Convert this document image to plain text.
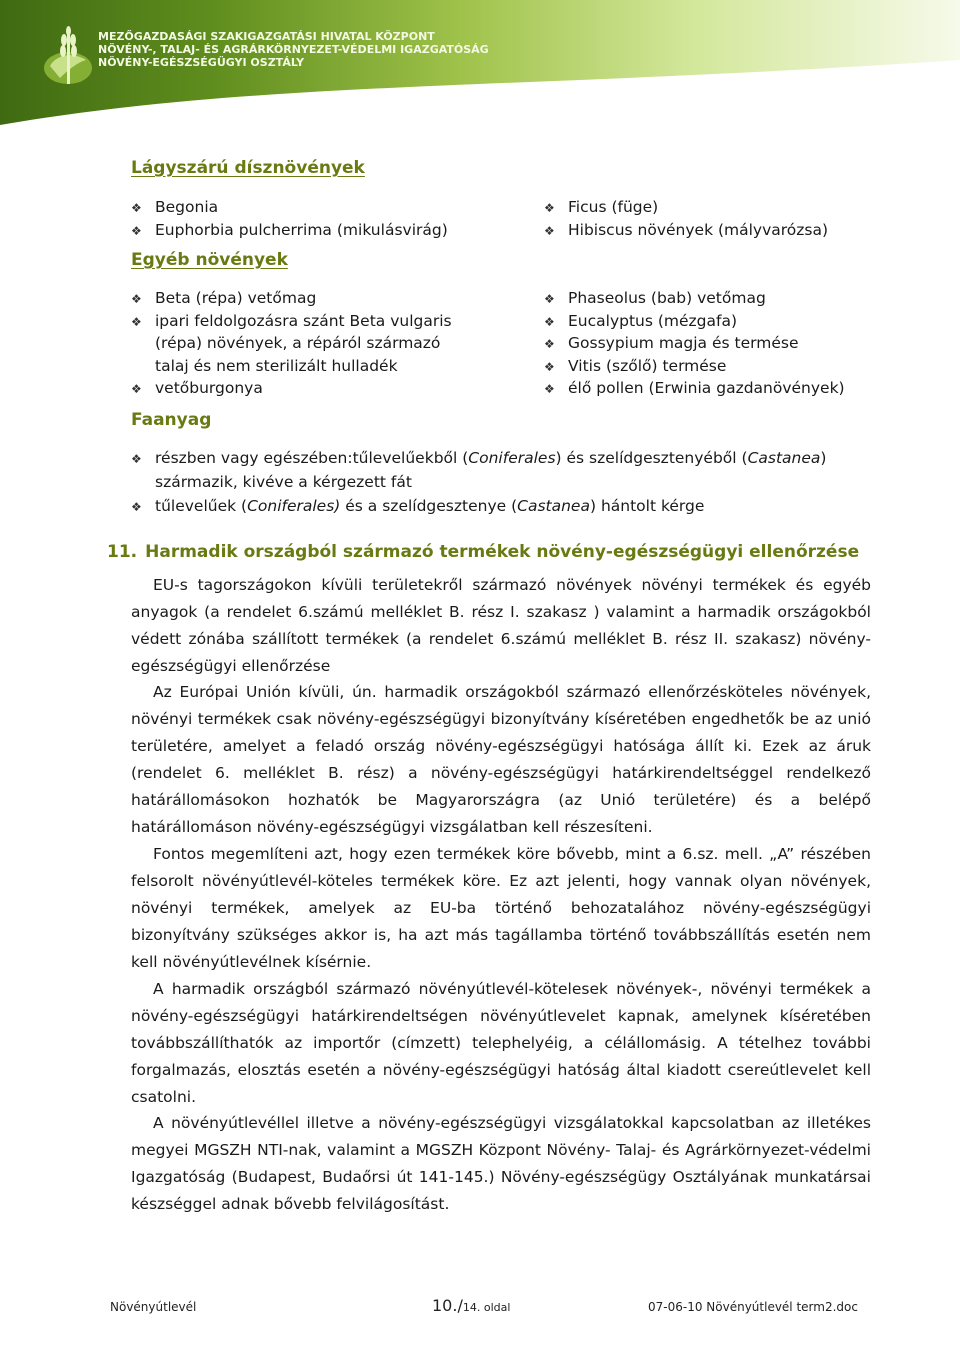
MEZŐGAZDASÁGI SZAKIGAZGATÁSI HIVATAL KÖZPONT
NÖVÉNY-, TALAJ- ÉS AGRÁRKÖRNYEZET-VÉDELMI IGAZGATÓSÁG
NÖVÉNY-EGÉSZSÉGÜGYI OSZTÁLY
Lágyszárú dísznövények
❖ Begonia
❖ Euphorbia pulcherrima (mikulásvirág)
❖ Ficus (füge)
❖ Hibiscus növények (mályvarózsa)
Egyéb növények
❖ Beta (répa) vetőmag
❖ ipari feldolgozásra szánt Beta vulgaris
(répa) növények, a répáról származó
talaj és nem sterilizált hulladék
❖ vetőburgonya
❖ Phaseolus (bab) vetőmag
❖ Eucalyptus (mézgafa)
❖ Gossypium magja és termése
❖ Vitis (szőlő) termése
❖ élő pollen (Erwinia gazdanövények)
Faanyag
❖ részben vagy egészében:tűlevelűekből (Coniferales) és szelídgesztenyéből (Castanea)
származik, kivéve a kérgezett fát
❖ tűlevelűek (Coniferales) és a szelídgesztenye (Castanea) hántolt kérge
11. Harmadik országból származó termékek növény-egészségügyi ellenőrzése

EU-s tagországokon kívüli területekről származó növények növényi termékek és egyéb anyagok (a rendelet 6.számú melléklet B. rész I. szakasz ) valamint a harmadik országokból védett zónába szállított termékek (a rendelet 6.számú melléklet B. rész II. szakasz) növény-egészségügyi ellenőrzése

Az Európai Unión kívüli, ún. harmadik országokból származó ellenőrzésköteles növények, növényi termékek csak növény-egészségügyi bizonyítvány kíséretében engedhetők be az unió területére, amelyet a feladó ország növény-egészségügyi hatósága állít ki. Ezek az áruk (rendelet 6. melléklet B. rész) a növény-egészségügyi határkirendeltséggel rendelkező határállomásokon hozhatók be Magyarországra (az Unió területére) és a belépő határállomáson növény-egészségügyi vizsgálatban kell részesíteni.

Fontos megemlíteni azt, hogy ezen termékek köre bővebb, mint a 6.sz. mell. „A” részében felsorolt növényútlevél-köteles termékek köre. Ez azt jelenti, hogy vannak olyan növények, növényi termékek, amelyek az EU-ba történő behozatalához növény-egészségügyi bizonyítvány szükséges akkor is, ha azt más tagállamba történő továbbszállítás esetén nem kell növényútlevélnek kísérnie.

A harmadik országból származó növényútlevél-kötelesek növények-, növényi termékek a növény-egészségügyi határkirendeltségen növényútlevelet kapnak, amelynek kíséretében továbbszállíthatók az importőr (címzett) telephelyéig, a célállomásig. A tételhez további forgalmazás, elosztás esetén a növény-egészségügyi hatóság által kiadott csereútlevelet kell csatolni.

A növényútlevéllel illetve a növény-egészségügyi vizsgálatokkal kapcsolatban az illetékes megyei MGSZH NTI-nak, valamint a MGSZH Központ Növény- Talaj- és Agrárkörnyezet-védelmi Igazgatóság (Budapest, Budaőrsi út 141-145.) Növény-egészségügy Osztályának munkatársai készséggel adnak bővebb felvilágosítást.

Növényútlevél	10./14. oldal	07-06-10 Növényútlevél term2.doc
